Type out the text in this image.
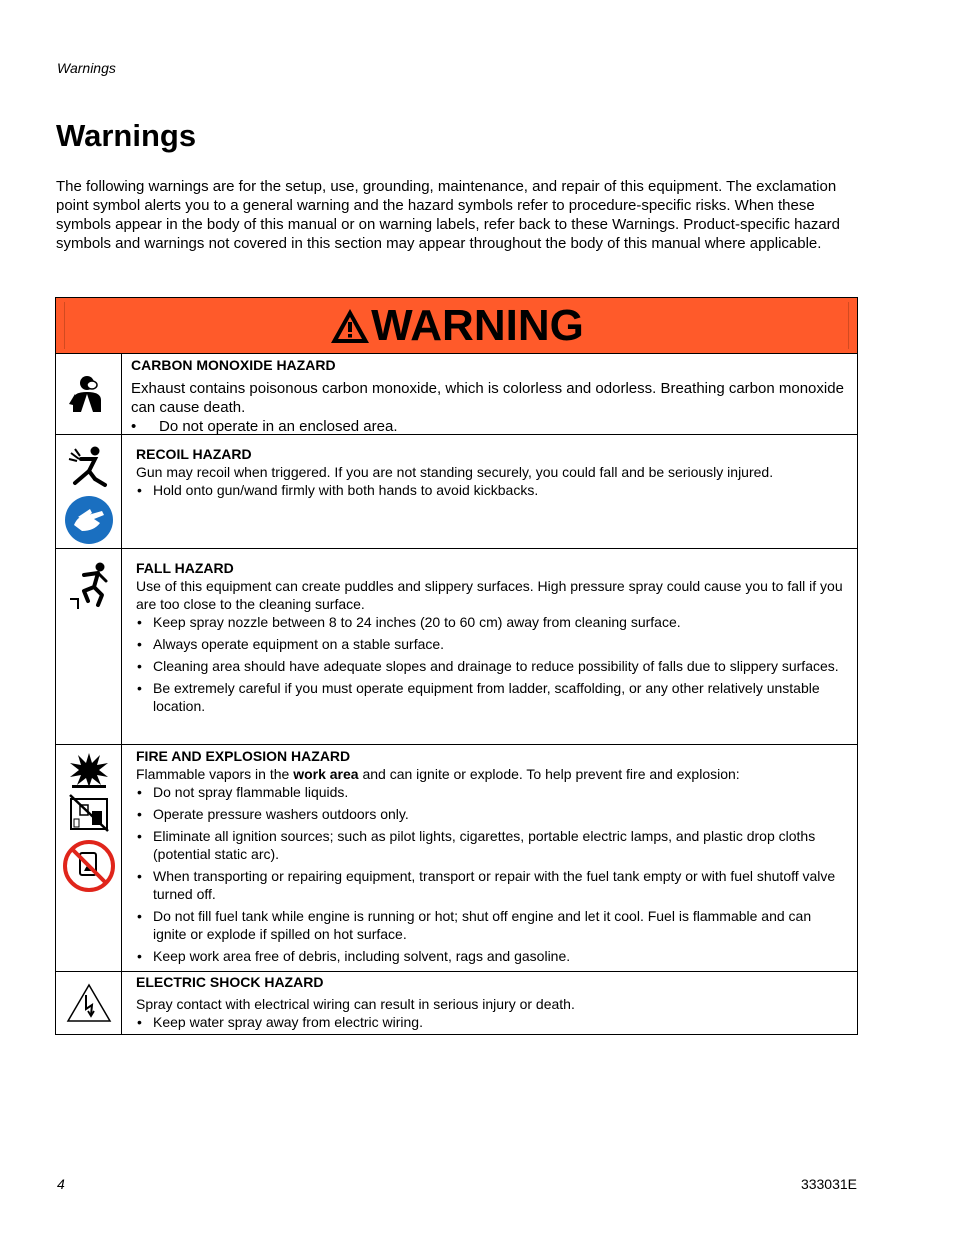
Warnings
Warnings

The following warnings are for the setup, use, grounding, maintenance, and repair of this equipment. The exclamation point symbol alerts you to a general warning and the hazard symbols refer to procedure-specific risks. When these symbols appear in the body of this manual or on warning labels, refer back to these Warnings. Product-specific hazard symbols and warnings not covered in this section may appear throughout the body of this manual where applicable.

WARNING

CARBON MONOXIDE HAZARD

Exhaust contains poisonous carbon monoxide, which is colorless and odorless. Breathing carbon monoxide can cause death.

• Do not operate in an enclosed area.

RECOIL HAZARD

Gun may recoil when triggered. If you are not standing securely, you could fall and be seriously injured.

• Hold onto gun/wand firmly with both hands to avoid kickbacks.

FALL HAZARD

Use of this equipment can create puddles and slippery surfaces. High pressure spray could cause you to fall if you are too close to the cleaning surface.

• Keep spray nozzle between 8 to 24 inches (20 to 60 cm) away from cleaning surface.
• Always operate equipment on a stable surface.
• Cleaning area should have adequate slopes and drainage to reduce possibility of falls due to slippery surfaces.
• Be extremely careful if you must operate equipment from ladder, scaffolding, or any other relatively unstable location.

FIRE AND EXPLOSION HAZARD

Flammable vapors in the work area and can ignite or explode. To help prevent fire and explosion:

• Do not spray flammable liquids.
• Operate pressure washers outdoors only.
• Eliminate all ignition sources; such as pilot lights, cigarettes, portable electric lamps, and plastic drop cloths (potential static arc).
• When transporting or repairing equipment, transport or repair with the fuel tank empty or with fuel shutoff valve turned off.
• Do not fill fuel tank while engine is running or hot; shut off engine and let it cool. Fuel is flammable and can ignite or explode if spilled on hot surface.
• Keep work area free of debris, including solvent, rags and gasoline.

ELECTRIC SHOCK HAZARD

Spray contact with electrical wiring can result in serious injury or death.

• Keep water spray away from electric wiring.
4	333031E
